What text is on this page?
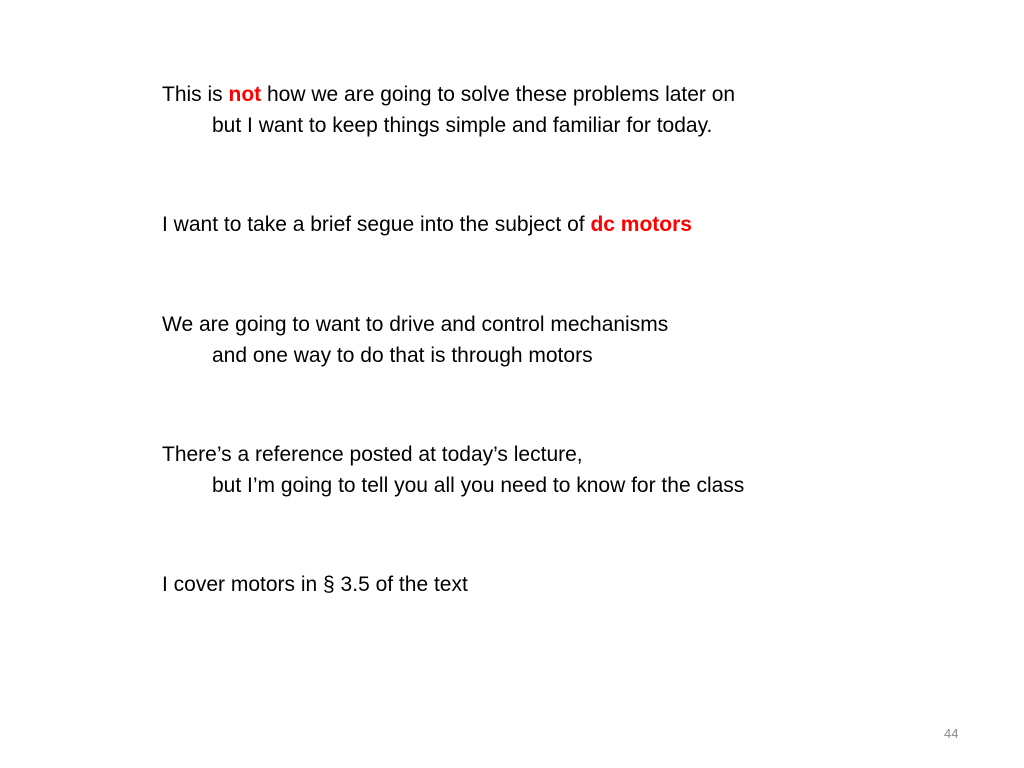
This is not how we are going to solve these problems later on
but I want to keep things simple and familiar for today.
I want to take a brief segue into the subject of dc motors
We are going to want to drive and control mechanisms
and one way to do that is through motors
There’s a reference posted at today’s lecture,
but I’m going to tell you all you need to know for the class
I cover motors in § 3.5 of the text
44
